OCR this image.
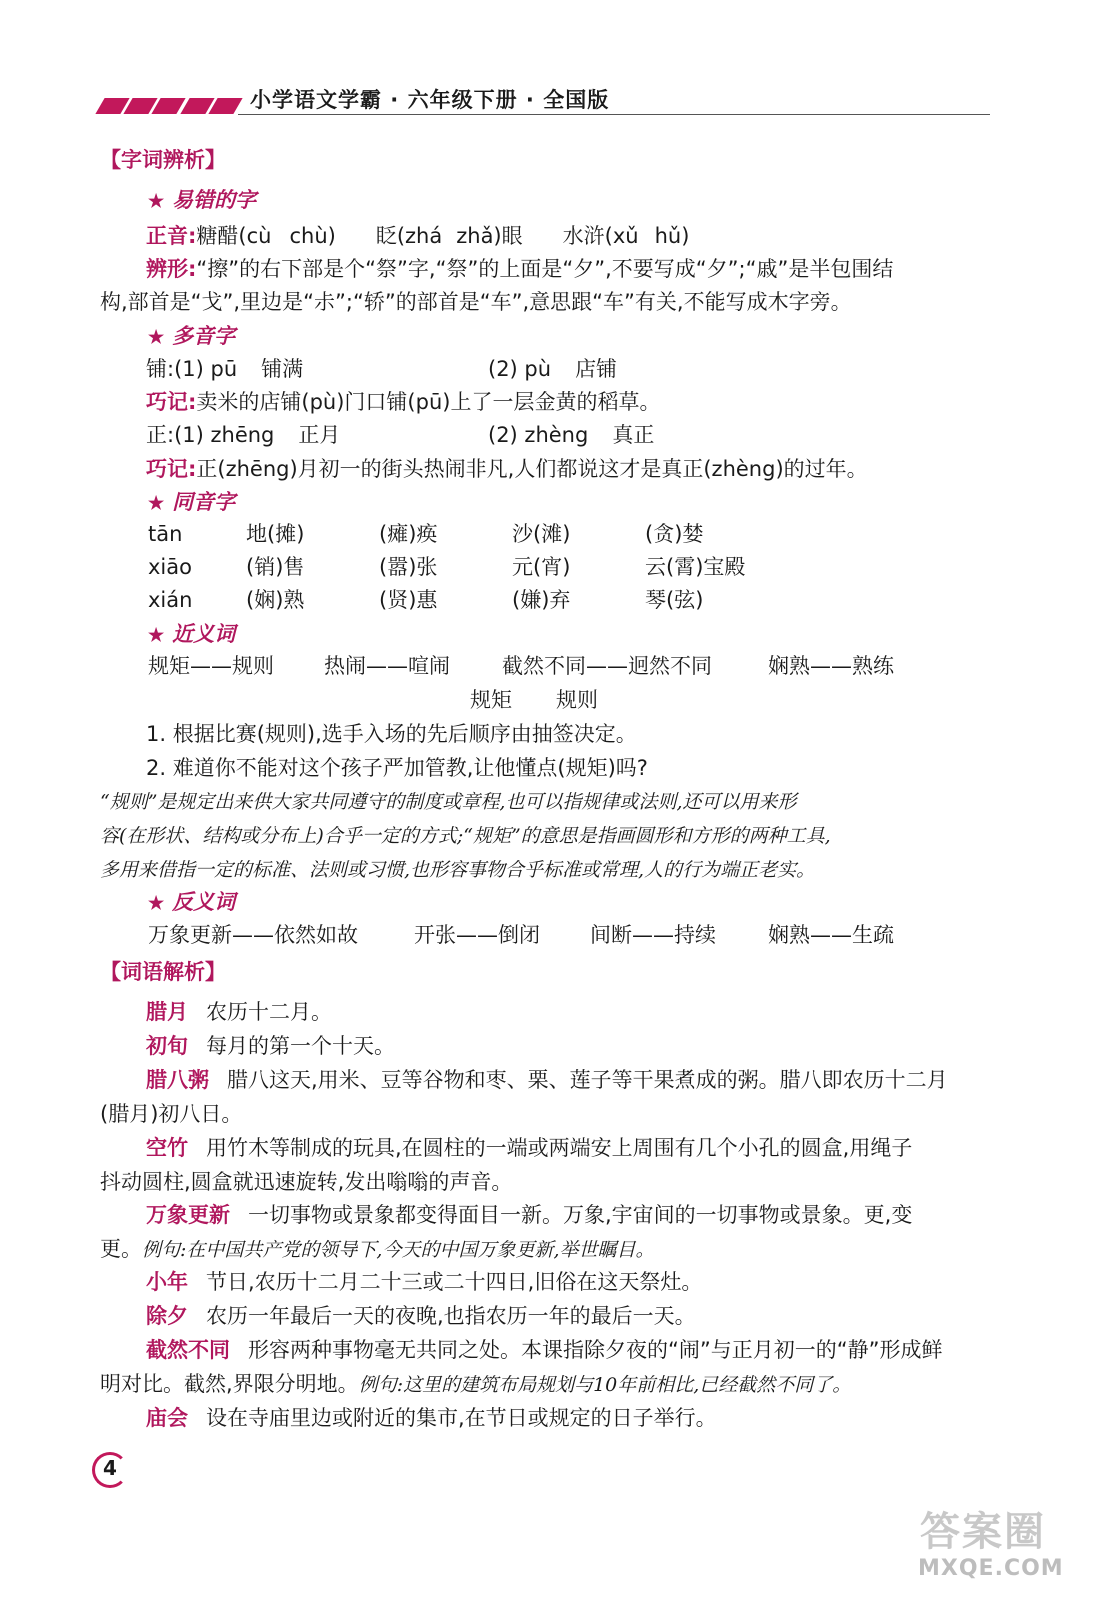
小学语文学霸 · 六年级下册 · 全国版
【字词辨析】
★ 易错的字
正音:糖醋(cù chù) 眨(zhá zhǎ)眼 水浒(xǔ hǔ)
辨形:“擦”的右下部是个“祭”字,“祭”的上面是“夕”,不要写成“夕”;“戚”是半包围结
构,部首是“戈”,里边是“尗”;“轿”的部首是“车”,意思跟“车”有关,不能写成木字旁。
★ 多音字
铺:(1) pū 铺满	(2) pù 店铺
巧记:卖米的店铺(pù)门口铺(pū)上了一层金黄的稻草。
正:(1) zhēng 正月	(2) zhèng 真正
巧记:正(zhēng)月初一的街头热闹非凡,人们都说这才是真正(zhèng)的过年。
★ 同音字
tān	地(摊)	(瘫)痪	沙(滩)	(贪)婪
xiāo	(销)售	(嚣)张	元(宵)	云(霄)宝殿
xián	(娴)熟	(贤)惠	(嫌)弃	琴(弦)
★ 近义词
规矩——规则	热闹——喧闹	截然不同——迥然不同	娴熟——熟练
规矩 规则
1. 根据比赛(规则),选手入场的先后顺序由抽签决定。
2. 难道你不能对这个孩子严加管教,让他懂点(规矩)吗?
“规则”是规定出来供大家共同遵守的制度或章程,也可以指规律或法则,还可以用来形
容(在形状、结构或分布上)合乎一定的方式;“规矩”的意思是指画圆形和方形的两种工具,
多用来借指一定的标准、法则或习惯,也形容事物合乎标准或常理,人的行为端正老实。
★ 反义词
万象更新——依然如故	开张——倒闭	间断——持续	娴熟——生疏
【词语解析】
腊月 农历十二月。
初旬 每月的第一个十天。
腊八粥 腊八这天,用米、豆等谷物和枣、栗、莲子等干果煮成的粥。腊八即农历十二月
(腊月)初八日。
空竹 用竹木等制成的玩具,在圆柱的一端或两端安上周围有几个小孔的圆盒,用绳子
抖动圆柱,圆盒就迅速旋转,发出嗡嗡的声音。
万象更新 一切事物或景象都变得面目一新。万象,宇宙间的一切事物或景象。更,变
更。例句:在中国共产党的领导下,今天的中国万象更新,举世瞩目。
小年 节日,农历十二月二十三或二十四日,旧俗在这天祭灶。
除夕 农历一年最后一天的夜晚,也指农历一年的最后一天。
截然不同 形容两种事物毫无共同之处。本课指除夕夜的“闹”与正月初一的“静”形成鲜
明对比。截然,界限分明地。例句:这里的建筑布局规划与10年前相比,已经截然不同了。
庙会 设在寺庙里边或附近的集市,在节日或规定的日子举行。
4
答案圈
MXQE.COM
